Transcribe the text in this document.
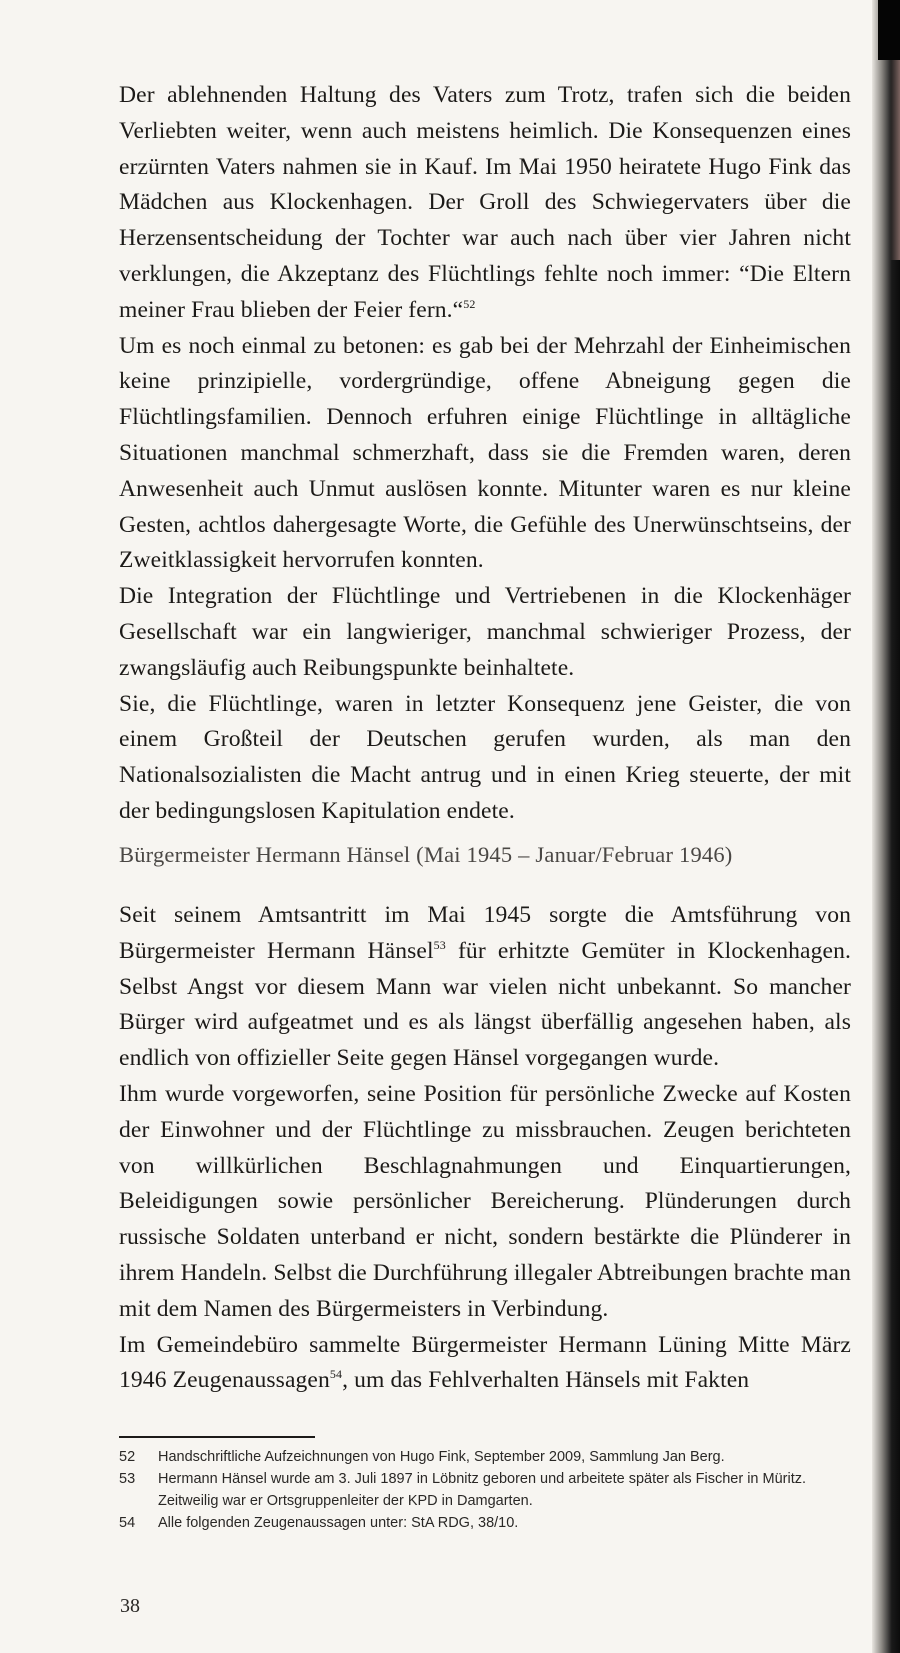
Der ablehnenden Haltung des Vaters zum Trotz, trafen sich die beiden Verliebten weiter, wenn auch meistens heimlich. Die Konsequenzen eines erzürnten Vaters nahmen sie in Kauf. Im Mai 1950 heiratete Hugo Fink das Mädchen aus Klockenhagen. Der Groll des Schwiegervaters über die Herzensentscheidung der Tochter war auch nach über vier Jahren nicht verklungen, die Akzeptanz des Flüchtlings fehlte noch immer: “Die Eltern meiner Frau blieben der Feier fern.“$^{52}$

Um es noch einmal zu betonen: es gab bei der Mehrzahl der Einheimischen keine prinzipielle, vordergründige, offene Abneigung gegen die Flüchtlingsfamilien. Dennoch erfuhren einige Flüchtlinge in alltägliche Situationen manchmal schmerzhaft, dass sie die Fremden waren, deren Anwesenheit auch Unmut auslösen konnte. Mitunter waren es nur kleine Gesten, achtlos dahergesagte Worte, die Gefühle des Unerwünschtseins, der Zweitklassigkeit hervorrufen konnten.

Die Integration der Flüchtlinge und Vertriebenen in die Klockenhäger Gesellschaft war ein langwieriger, manchmal schwieriger Prozess, der zwangsläufig auch Reibungspunkte beinhaltete.

Sie, die Flüchtlinge, waren in letzter Konsequenz jene Geister, die von einem Großteil der Deutschen gerufen wurden, als man den Nationalsozialisten die Macht antrug und in einen Krieg steuerte, der mit der bedingungslosen Kapitulation endete.

Bürgermeister Hermann Hänsel (Mai 1945 – Januar/Februar 1946)

Seit seinem Amtsantritt im Mai 1945 sorgte die Amtsführung von Bürgermeister Hermann Hänsel$^{53}$ für erhitzte Gemüter in Klockenhagen. Selbst Angst vor diesem Mann war vielen nicht unbekannt. So mancher Bürger wird aufgeatmet und es als längst überfällig angesehen haben, als endlich von offizieller Seite gegen Hänsel vorgegangen wurde.

Ihm wurde vorgeworfen, seine Position für persönliche Zwecke auf Kosten der Einwohner und der Flüchtlinge zu missbrauchen. Zeugen berichteten von willkürlichen Beschlagnahmungen und Einquartierungen, Beleidigungen sowie persönlicher Bereicherung. Plünderungen durch russische Soldaten unterband er nicht, sondern bestärkte die Plünderer in ihrem Handeln. Selbst die Durchführung illegaler Abtreibungen brachte man mit dem Namen des Bürgermeisters in Verbindung.

Im Gemeindebüro sammelte Bürgermeister Hermann Lüning Mitte März 1946 Zeugenaussagen$^{54}$, um das Fehlverhalten Hänsels mit Fakten

52	Handschriftliche Aufzeichnungen von Hugo Fink, September 2009, Sammlung Jan Berg.

53	Hermann Hänsel wurde am 3. Juli 1897 in Löbnitz geboren und arbeitete später als Fischer in Müritz. Zeitweilig war er Ortsgruppenleiter der KPD in Damgarten.

54	Alle folgenden Zeugenaussagen unter: StA RDG, 38/10.

38
